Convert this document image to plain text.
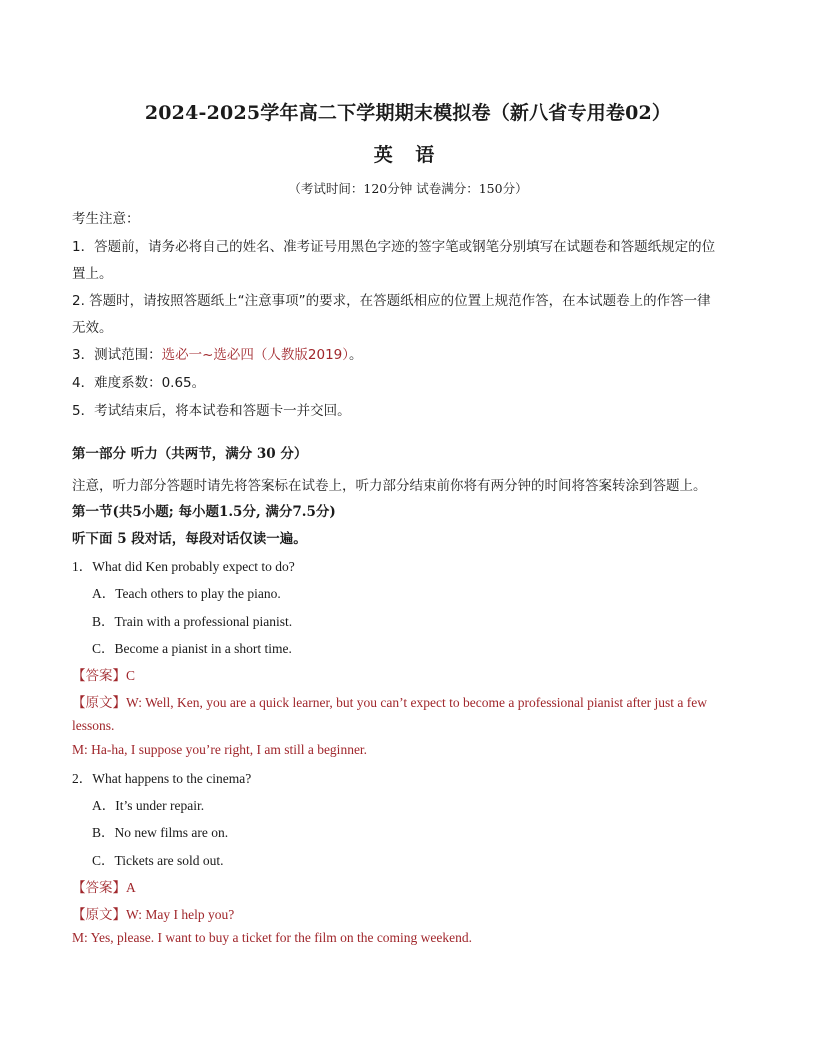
2024-2025学年高二下学期期末模拟卷（新八省专用卷02）
英 语
（考试时间：120分钟 试卷满分：150分）
考生注意：
1．答题前，请务必将自己的姓名、准考证号用黑色字迹的签字笔或钢笔分别填写在试题卷和答题纸规定的位
置上。
2. 答题时，请按照答题纸上“注意事项”的要求，在答题纸相应的位置上规范作答，在本试题卷上的作答一律
无效。
3．测试范围：选必一~选必四（人教版2019）。
4．难度系数：0.65。
5．考试结束后，将本试卷和答题卡一并交回。
第一部分 听力（共两节，满分 30 分）
注意，听力部分答题时请先将答案标在试卷上，听力部分结束前你将有两分钟的时间将答案转涂到答题上。
第一节(共5小题; 每小题1.5分, 满分7.5分)
听下面 5 段对话，每段对话仅读一遍。
1．What did Ken probably expect to do?
A．Teach others to play the piano.
B．Train with a professional pianist.
C．Become a pianist in a short time.
【答案】C
【原文】W: Well, Ken, you are a quick learner, but you can’t expect to become a professional pianist after just a few
lessons.
M: Ha-ha, I suppose you’re right, I am still a beginner.
2．What happens to the cinema?
A．It’s under repair.
B．No new films are on.
C．Tickets are sold out.
【答案】A
【原文】W: May I help you?
M: Yes, please. I want to buy a ticket for the film on the coming weekend.
